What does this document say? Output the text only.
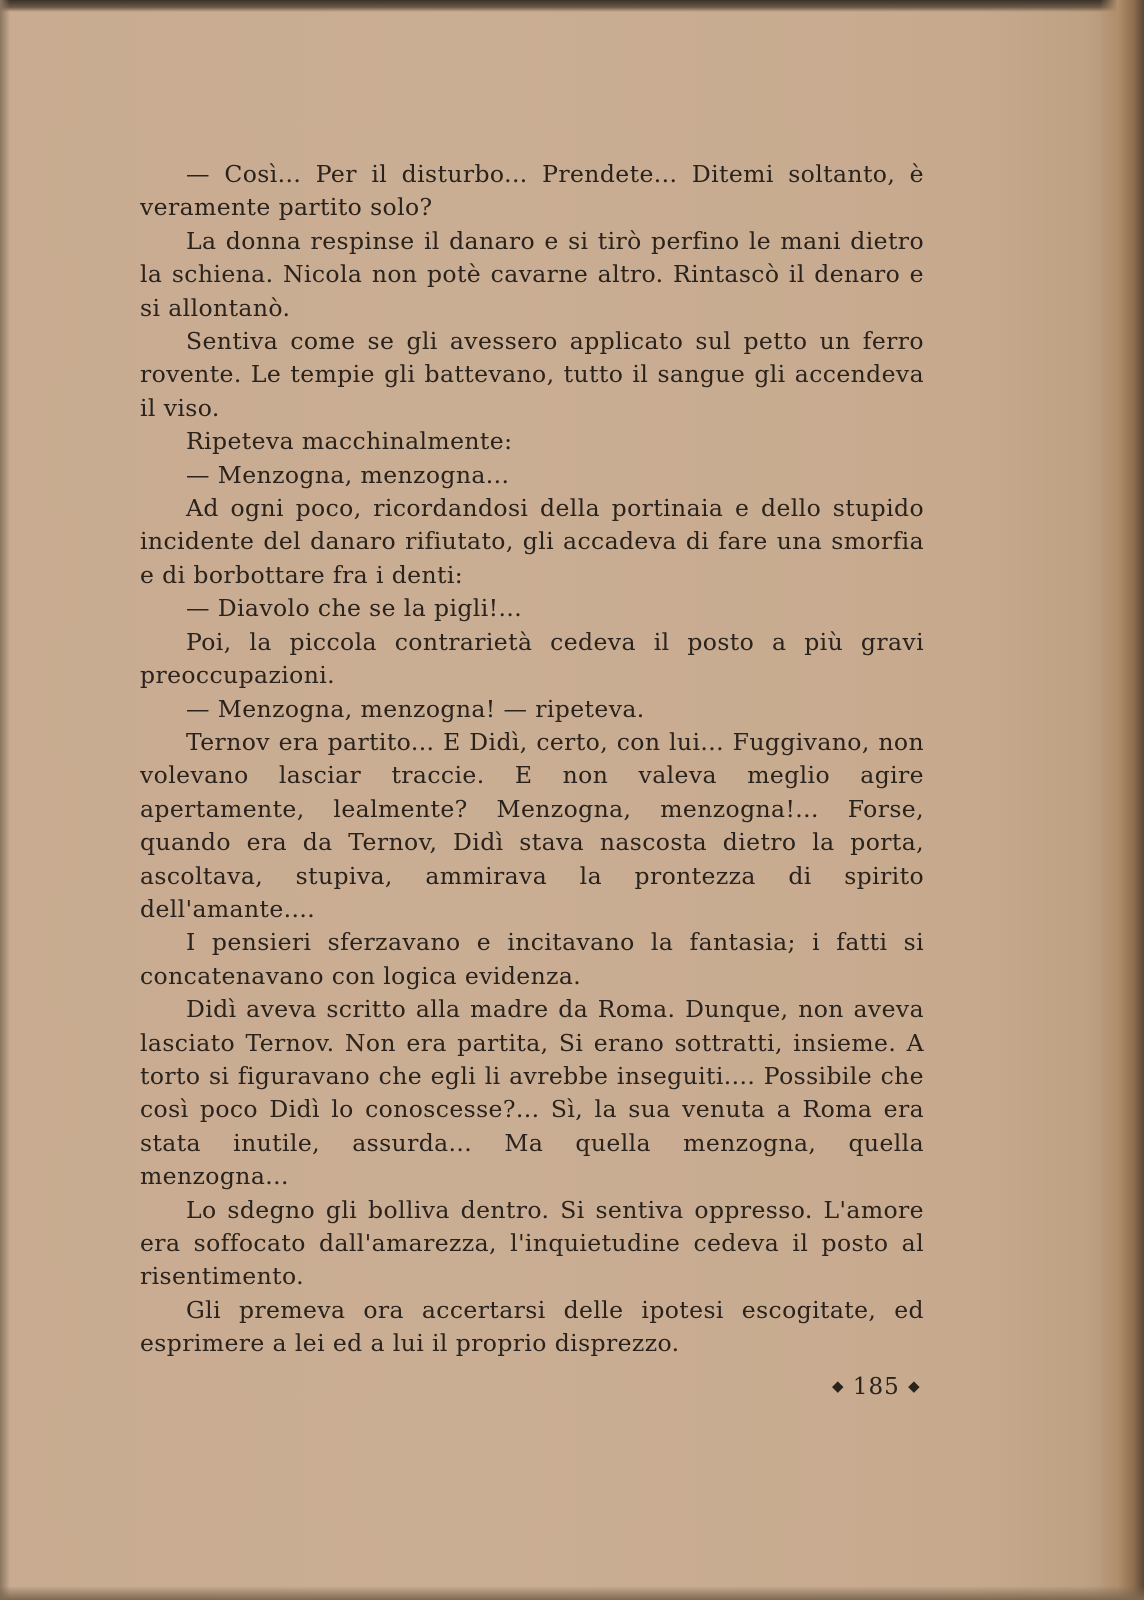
— Così... Per il disturbo... Prendete... Ditemi soltanto, è veramente partito solo?

La donna respinse il danaro e si tirò perfino le mani dietro la schiena. Nicola non potè cavarne altro. Rintascò il denaro e si allontanò.

Sentiva come se gli avessero applicato sul petto un ferro rovente. Le tempie gli battevano, tutto il sangue gli accendeva il viso.

Ripeteva macchinalmente:

— Menzogna, menzogna...

Ad ogni poco, ricordandosi della portinaia e dello stupido incidente del danaro rifiutato, gli accadeva di fare una smorfia e di borbottare fra i denti:

— Diavolo che se la pigli!...

Poi, la piccola contrarietà cedeva il posto a più gravi preoccupazioni.

— Menzogna, menzogna! — ripeteva.

Ternov era partito... E Didì, certo, con lui... Fuggivano, non volevano lasciar traccie. E non valeva meglio agire apertamente, lealmente? Menzogna, menzogna!... Forse, quando era da Ternov, Didì stava nascosta dietro la porta, ascoltava, stupiva, ammirava la prontezza di spirito dell'amante....

I pensieri sferzavano e incitavano la fantasia; i fatti si concatenavano con logica evidenza.

Didì aveva scritto alla madre da Roma. Dunque, non aveva lasciato Ternov. Non era partita, Si erano sottratti, insieme. A torto si figuravano che egli li avrebbe inseguiti.... Possibile che così poco Didì lo conoscesse?... Sì, la sua venuta a Roma era stata inutile, assurda... Ma quella menzogna, quella menzogna...

Lo sdegno gli bolliva dentro. Si sentiva oppresso. L'amore era soffocato dall'amarezza, l'inquietudine cedeva il posto al risentimento.

Gli premeva ora accertarsi delle ipotesi escogitate, ed esprimere a lei ed a lui il proprio disprezzo.

◆ 185 ◆
